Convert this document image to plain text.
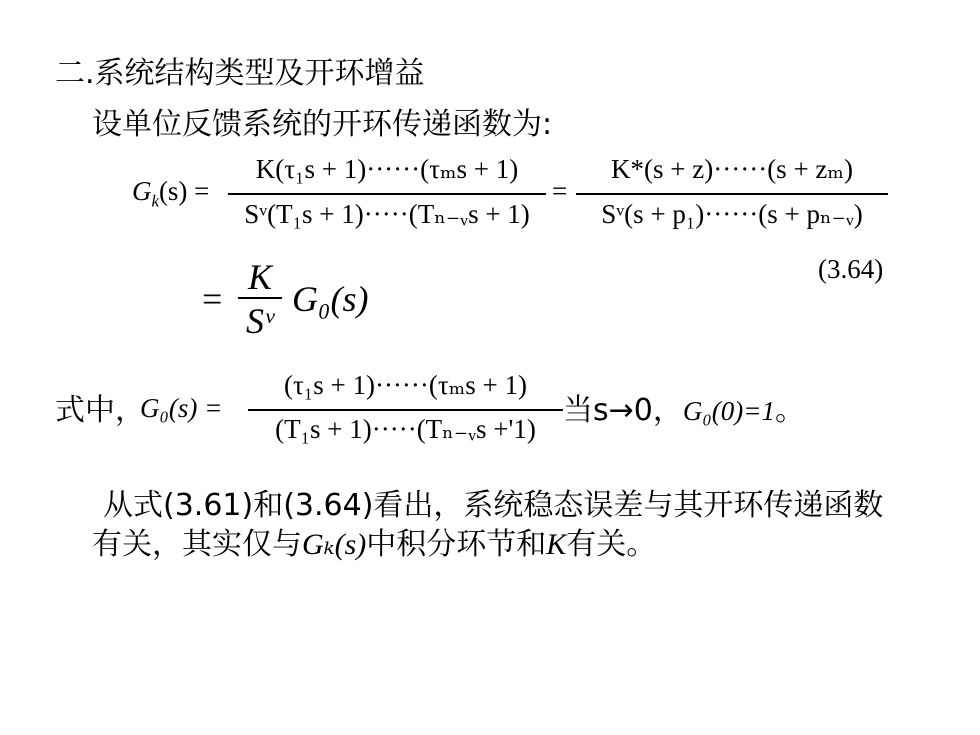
二.系统结构类型及开环增益
设单位反馈系统的开环传递函数为:
$G_k(s)$ =
K(τ₁s + 1)······(τₘs + 1)
Sᵛ(T₁s + 1)·····(Tₙ₋ᵥs + 1)
=
K*(s + z)······(s + zₘ)
Sᵛ(s + p₁)······(s + pₙ₋ᵥ)
(3.64)
=
K
Sᵛ
G₀(s)
式中，
G₀(s) =
(τ₁s + 1)······(τₘs + 1)
(T₁s + 1)·····(Tₙ₋ᵥs +'1)
当s→0，G₀(0)=1。
从式(3.61)和(3.64)看出，系统稳态误差与其开环传递函数
有关，其实仅与Gₖ(s)中积分环节和K有关。
